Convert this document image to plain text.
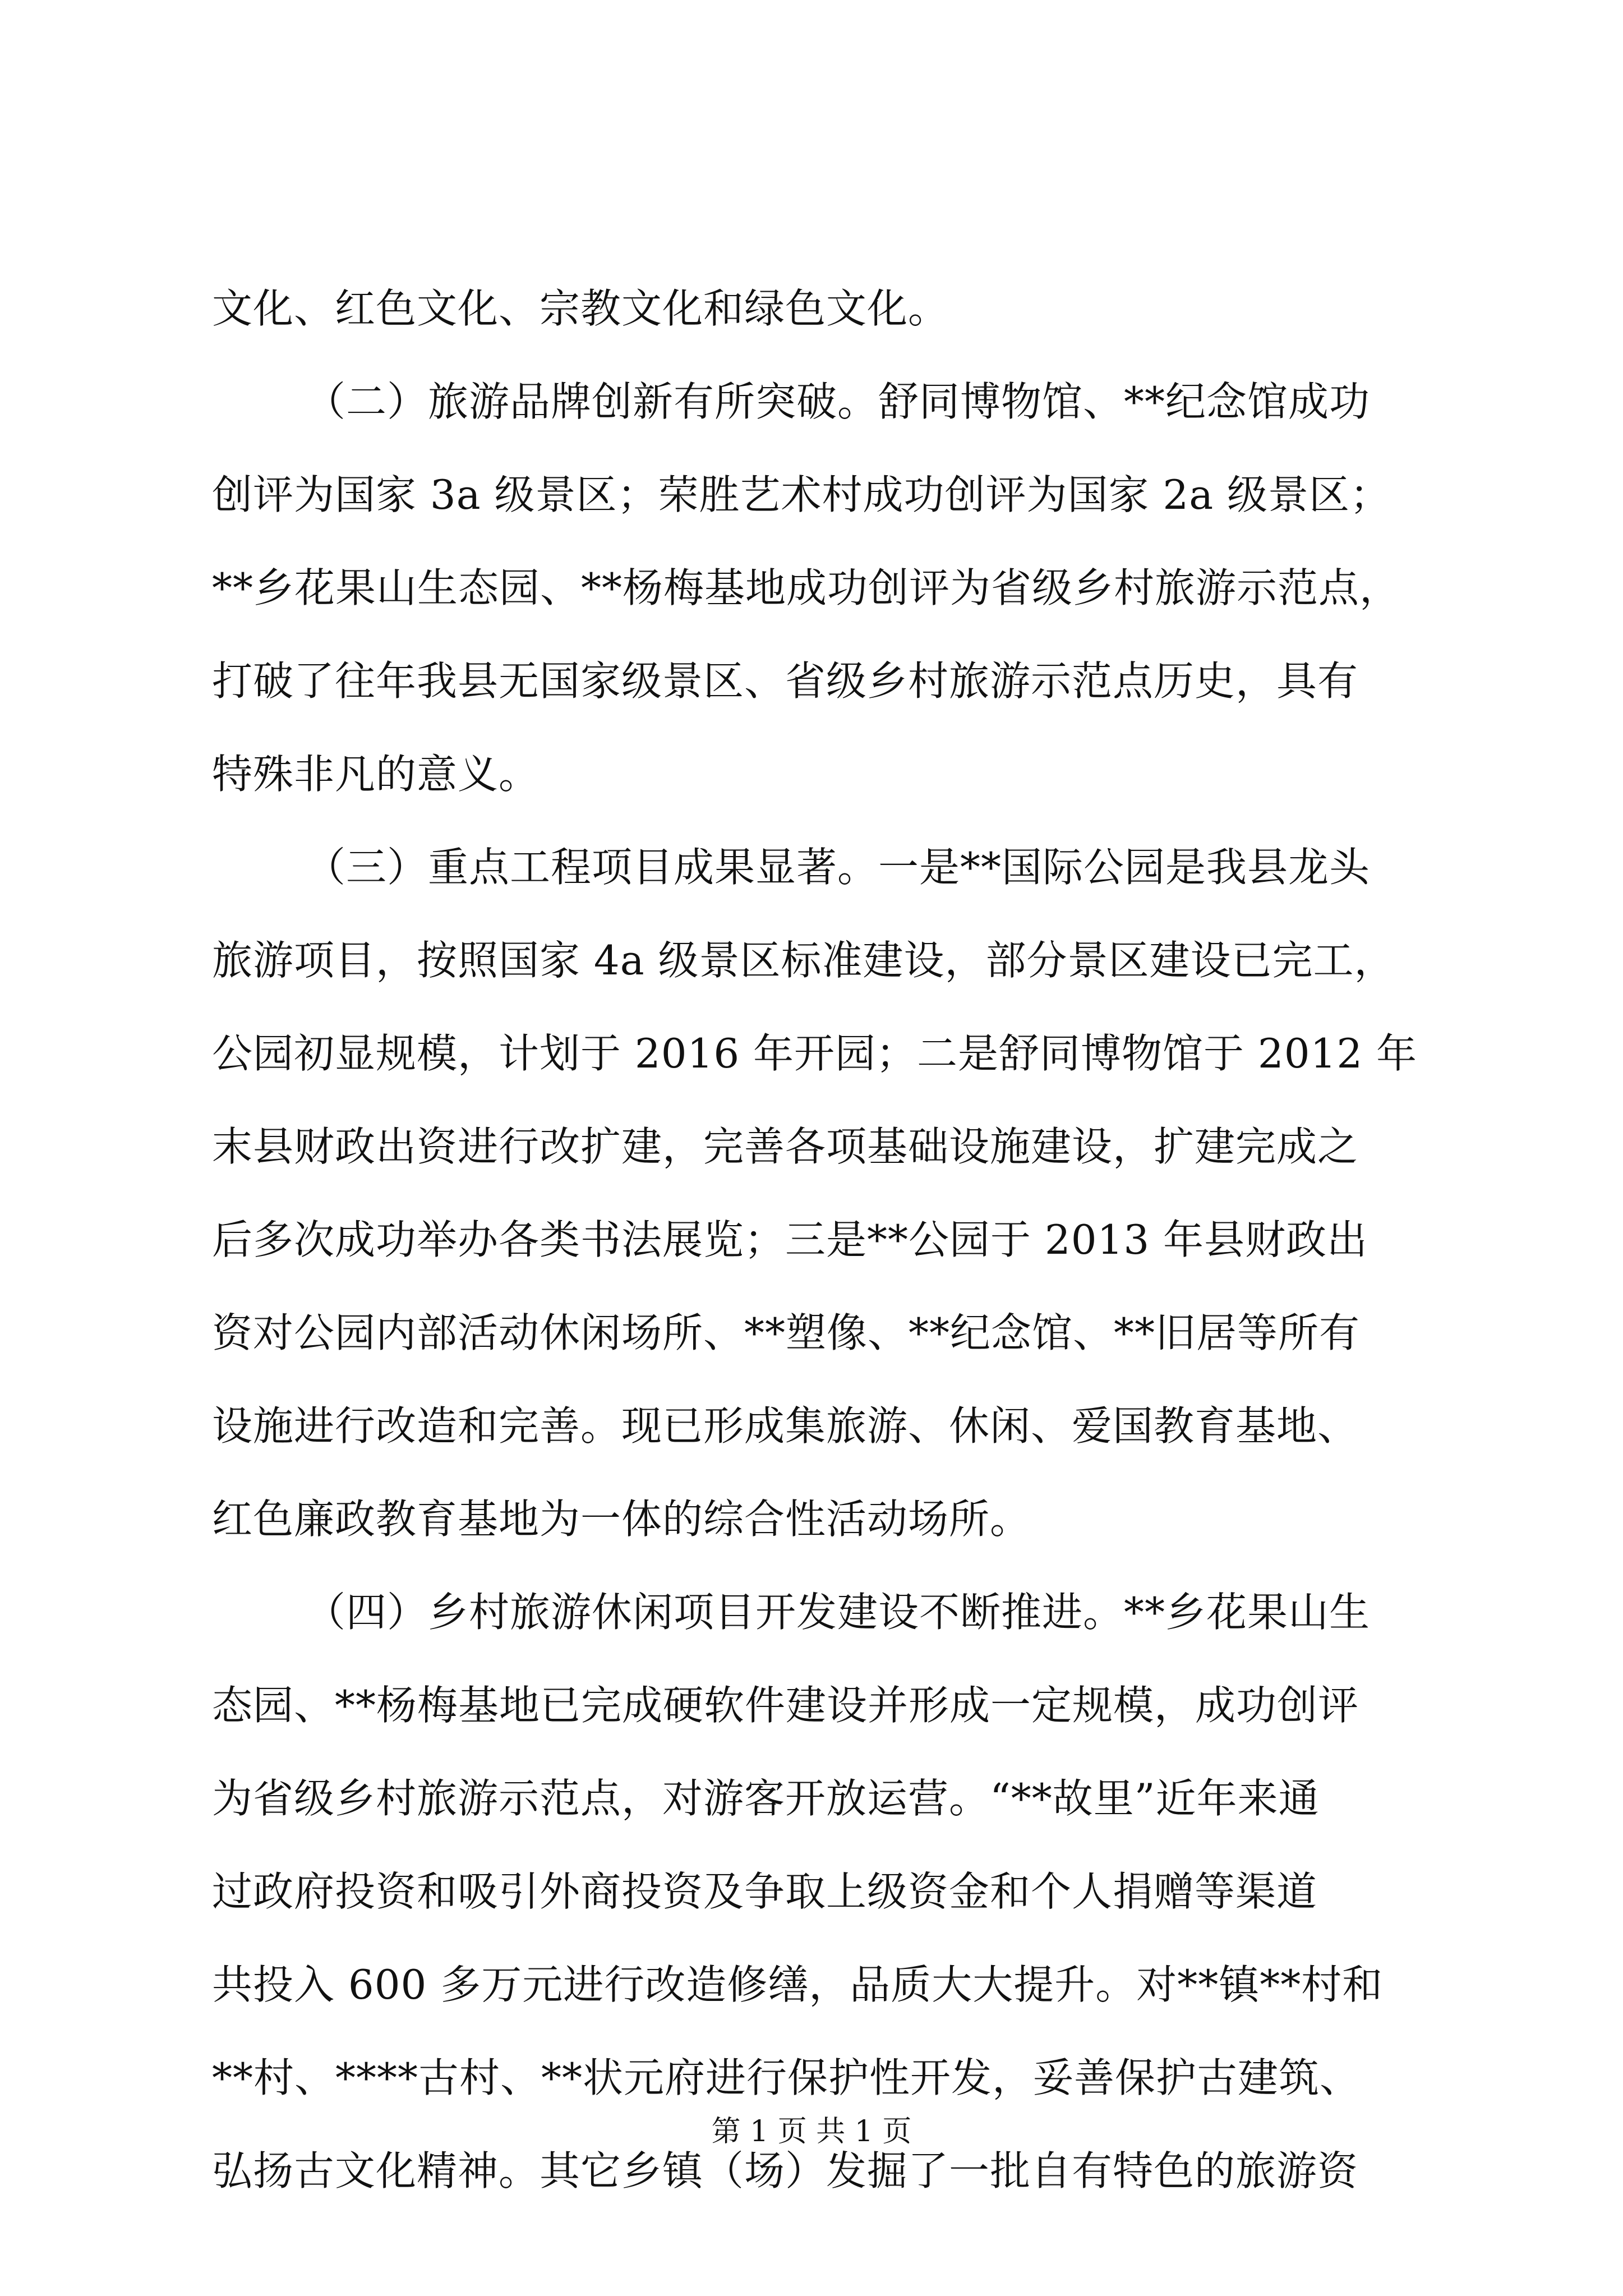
文化、红色文化、宗教文化和绿色文化。
（二）旅游品牌创新有所突破。舒同博物馆、**纪念馆成功
创评为国家 3a 级景区；荣胜艺术村成功创评为国家 2a 级景区；
**乡花果山生态园、**杨梅基地成功创评为省级乡村旅游示范点，
打破了往年我县无国家级景区、省级乡村旅游示范点历史，具有
特殊非凡的意义。
（三）重点工程项目成果显著。一是**国际公园是我县龙头
旅游项目，按照国家 4a 级景区标准建设，部分景区建设已完工，
公园初显规模，计划于 2016 年开园；二是舒同博物馆于 2012 年
末县财政出资进行改扩建，完善各项基础设施建设，扩建完成之
后多次成功举办各类书法展览；三是**公园于 2013 年县财政出
资对公园内部活动休闲场所、**塑像、**纪念馆、**旧居等所有
设施进行改造和完善。现已形成集旅游、休闲、爱国教育基地、
红色廉政教育基地为一体的综合性活动场所。
（四）乡村旅游休闲项目开发建设不断推进。**乡花果山生
态园、**杨梅基地已完成硬软件建设并形成一定规模，成功创评
为省级乡村旅游示范点，对游客开放运营。“**故里”近年来通
过政府投资和吸引外商投资及争取上级资金和个人捐赠等渠道
共投入 600 多万元进行改造修缮，品质大大提升。对**镇**村和
**村、****古村、**状元府进行保护性开发，妥善保护古建筑、
弘扬古文化精神。其它乡镇（场）发掘了一批自有特色的旅游资
第 1 页 共 1 页
